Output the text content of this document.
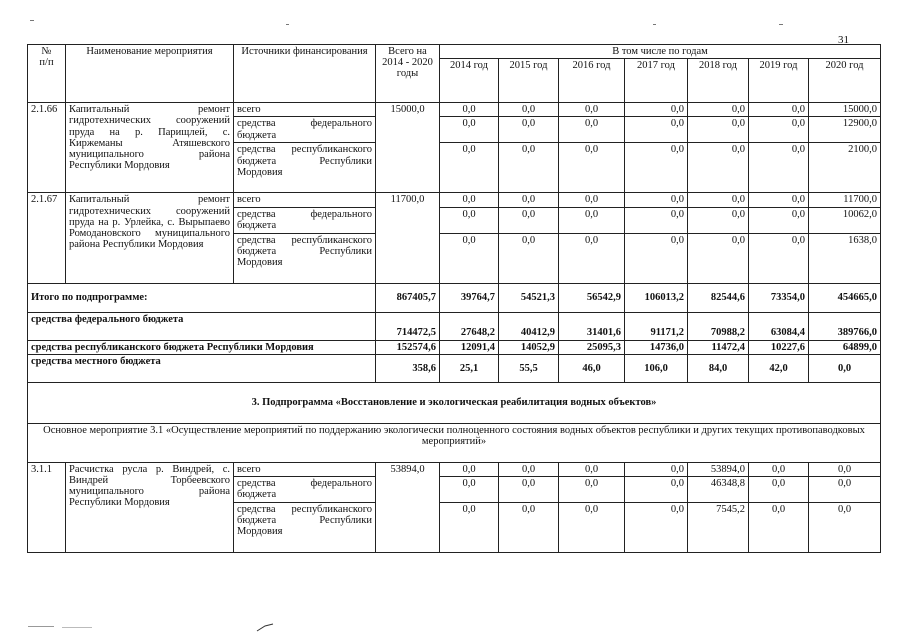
31
№
п/п	Наименование мероприятия	Источники финансирования	Всего на 2014 - 2020 годы	В том числе по годам						
				2014 год	2015 год	2016 год	2017 год	2018 год	2019 год	2020 год
2.1.66	Капитальный ремонт гидротехнических сооружений пруда на р. Парищлей, с. Киржеманы Атяшевского муниципального района Республики Мордовия	всего	15000,0	0,0	0,0	0,0	0,0	0,0	0,0	15000,0
		средства федерального бюджета		0,0	0,0	0,0	0,0	0,0	0,0	12900,0
		средства республиканского бюджета Республики Мордовия		0,0	0,0	0,0	0,0	0,0	0,0	2100,0
2.1.67	Капитальный ремонт гидротехнических сооружений пруда на р. Урлейка, с. Вырыпаево Ромодановского муниципального района Республики Мордовия	всего	11700,0	0,0	0,0	0,0	0,0	0,0	0,0	11700,0
		средства федерального бюджета		0,0	0,0	0,0	0,0	0,0	0,0	10062,0
		средства республиканского бюджета Республики Мордовия		0,0	0,0	0,0	0,0	0,0	0,0	1638,0
Итого по подпрограмме:			867405,7	39764,7	54521,3	56542,9	106013,2	82544,6	73354,0	454665,0
средства федерального бюджета			714472,5	27648,2	40412,9	31401,6	91171,2	70988,2	63084,4	389766,0
средства республиканского бюджета Республики Мордовия			152574,6	12091,4	14052,9	25095,3	14736,0	11472,4	10227,6	64899,0
средства местного бюджета			358,6	25,1	55,5	46,0	106,0	84,0	42,0	0,0
3. Подпрограмма «Восстановление и экологическая реабилитация водных объектов»										
Основное мероприятие 3.1 «Осуществление мероприятий по поддержанию экологически полноценного состояния водных объектов республики и других текущих противопаводковых мероприятий»										
3.1.1	Расчистка русла р. Виндрей, с. Виндрей Торбеевского муниципального района Республики Мордовия	всего	53894,0	0,0	0,0	0,0	0,0	53894,0	0,0	0,0
		средства федерального бюджета		0,0	0,0	0,0	0,0	46348,8	0,0	0,0
		средства республиканского бюджета Республики Мордовия		0,0	0,0	0,0	0,0	7545,2	0,0	0,0
